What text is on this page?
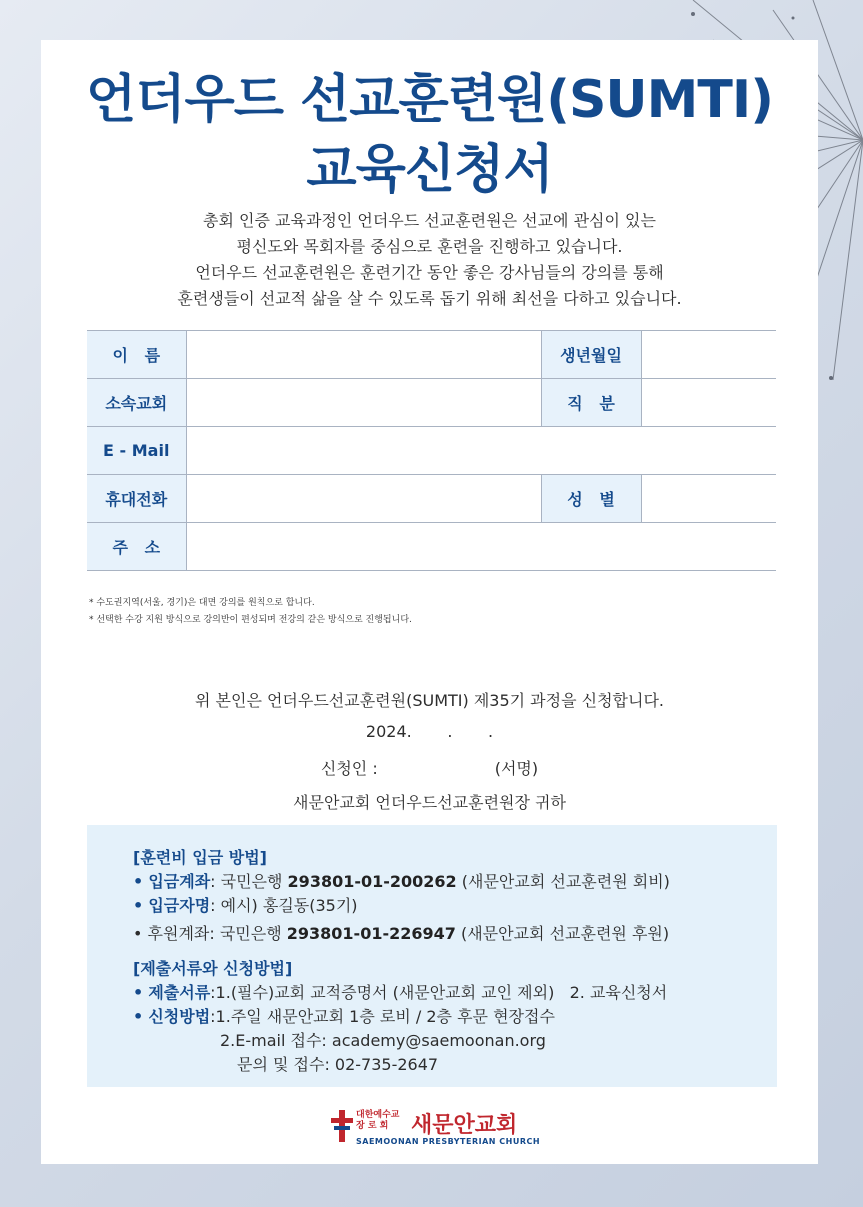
언더우드 선교훈련원(SUMTI)
교육신청서
총회 인증 교육과정인 언더우드 선교훈련원은 선교에 관심이 있는
평신도와 목회자를 중심으로 훈련을 진행하고 있습니다.
언더우드 선교훈련원은 훈련기간 동안 좋은 강사님들의 강의를 통해
훈련생들이 선교적 삶을 살 수 있도록 돕기 위해 최선을 다하고 있습니다.
이   름		생년월일	
소속교회		직   분	
E - Mail			
휴대전화		성   별	
주   소			
* 수도권지역(서울, 경기)은 대면 강의를 원칙으로 합니다.
* 선택한 수강 지원 방식으로 강의반이 편성되며 전강의 같은 방식으로 진행됩니다.
위 본인은 언더우드선교훈련원(SUMTI) 제35기 과정을 신청합니다.
2024.       .       .
신청인 :                       (서명)
새문안교회 언더우드선교훈련원장 귀하
[훈련비 입금 방법]
• 입금계좌: 국민은행 293801-01-200262 (새문안교회 선교훈련원 회비)
• 입금자명: 예시) 홍길동(35기)
• 후원계좌: 국민은행 293801-01-226947 (새문안교회 선교훈련원 후원)
[제출서류와 신청방법]
• 제출서류:1.(필수)교회 교적증명서 (새문안교회 교인 제외)   2. 교육신청서
• 신청방법:1.주일 새문안교회 1층 로비 / 2층 후문 현장접수
2.E-mail 접수: academy@saemoonan.org
문의 및 접수: 02-735-2647
대한예수교
장 로 회	새문안교회
SAEMOONAN PRESBYTERIAN CHURCH
